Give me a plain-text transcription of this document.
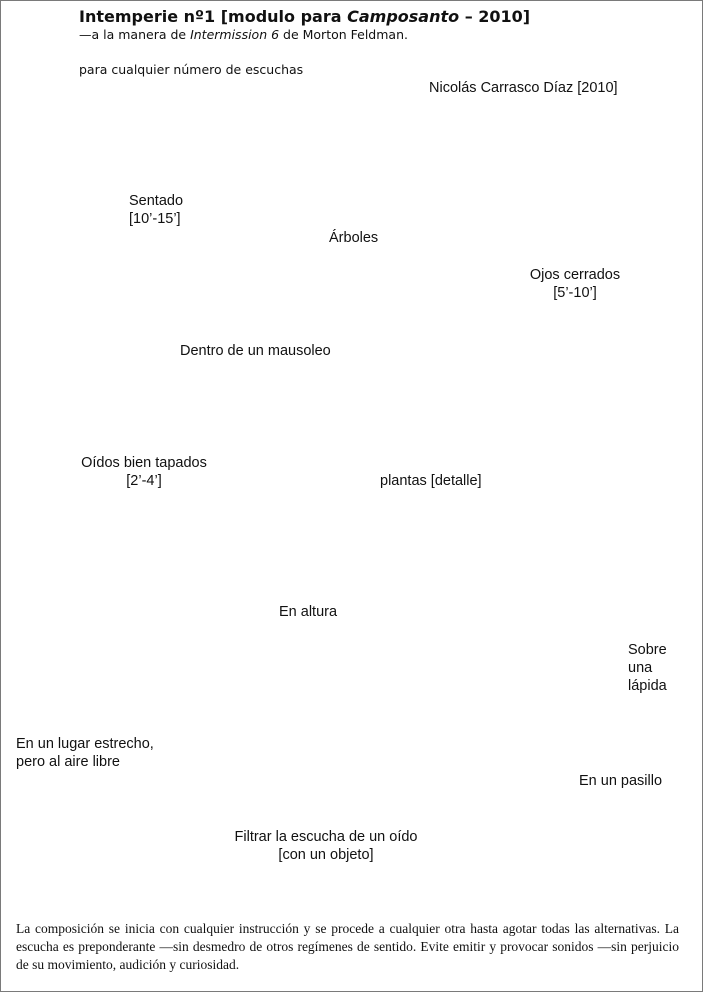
Intemperie nº1 [modulo para Camposanto – 2010]
—a la manera de Intermission 6 de Morton Feldman.
para cualquier número de escuchas
Nicolás Carrasco Díaz [2010]
Sentado
[10’-15’]
Árboles
Ojos cerrados
[5’-10’]
Dentro de un mausoleo
Oídos bien tapados
[2’-4’]	plantas [detalle]
En altura
Sobre
una
lápida
En un lugar estrecho,
pero al aire libre
En un pasillo
Filtrar la escucha de un oído
[con un objeto]
La composición se inicia con cualquier instrucción y se procede a cualquier otra hasta agotar todas las alternativas. La escucha es preponderante —sin desmedro de otros regímenes de sentido. Evite emitir y provocar sonidos —sin perjuicio de su movimiento, audición y curiosidad.
